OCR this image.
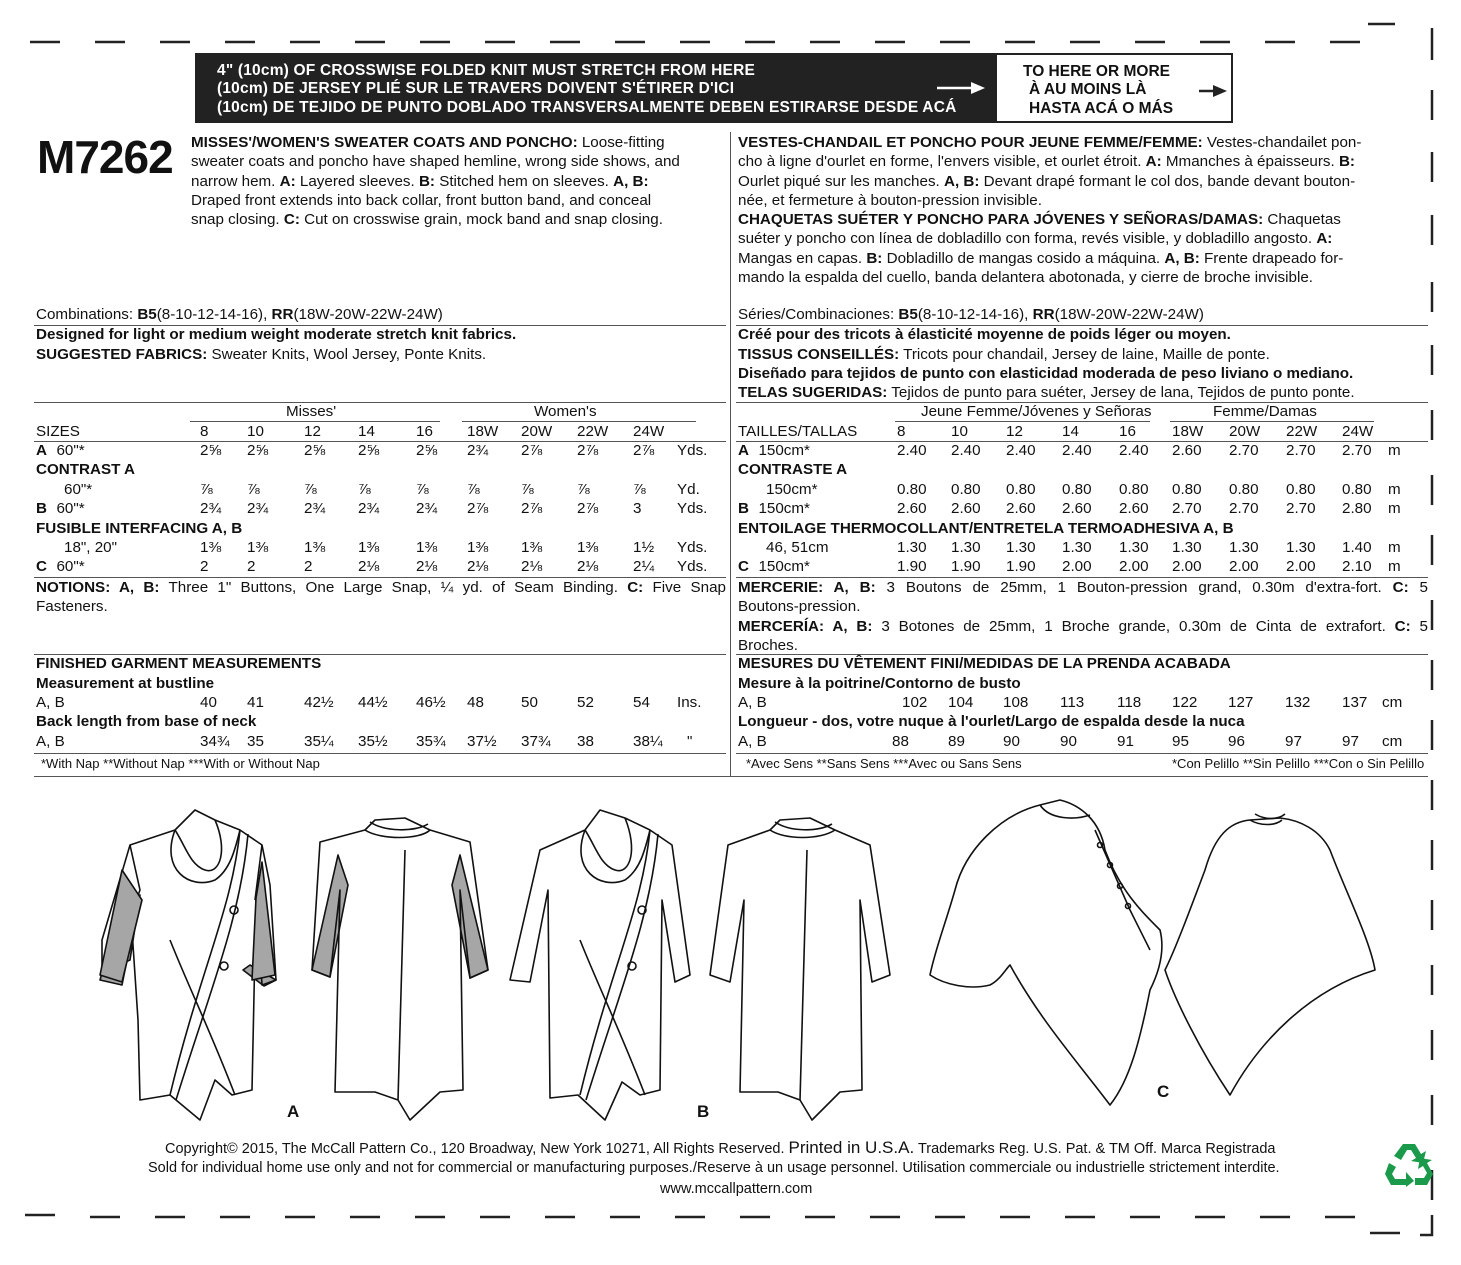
4" (10cm) OF CROSSWISE FOLDED KNIT MUST STRETCH FROM HERE
(10cm) DE JERSEY PLIÉ SUR LE TRAVERS DOIVENT S'ÉTIRER D'ICI
(10cm) DE TEJIDO DE PUNTO DOBLADO TRANSVERSALMENTE DEBEN ESTIRARSE DESDE ACÁ
TO HERE OR MORE
À AU MOINS LÀ
HASTA ACÁ O MÁS
M7262 MISSES'/WOMEN'S SWEATER COATS AND PONCHO: Loose-fitting
sweater coats and poncho have shaped hemline, wrong side shows, and
narrow hem. A: Layered sleeves. B: Stitched hem on sleeves. A, B:
Draped front extends into back collar, front button band, and conceal
snap closing. C: Cut on crosswise grain, mock band and snap closing.
VESTES-CHANDAIL ET PONCHO POUR JEUNE FEMME/FEMME: Vestes-chandailet pon-
cho à ligne d'ourlet en forme, l'envers visible, et ourlet étroit. A: Mmanches à épaisseurs. B:
Ourlet piqué sur les manches. A, B: Devant drapé formant le col dos, bande devant bouton-
née, et fermeture à bouton-pression invisible.
CHAQUETAS SUÉTER Y PONCHO PARA JÓVENES Y SEÑORAS/DAMAS: Chaquetas
suéter y poncho con línea de dobladillo con forma, revés visible, y dobladillo angosto. A:
Mangas en capas. B: Dobladillo de mangas cosido a máquina. A, B: Frente drapeado for-
mando la espalda del cuello, banda delantera abotonada, y cierre de broche invisible.
Combinations: B5(8-10-12-14-16), RR(18W-20W-22W-24W)
Designed for light or medium weight moderate stretch knit fabrics.
SUGGESTED FABRICS: Sweater Knits, Wool Jersey, Ponte Knits.
Séries/Combinaciones: B5(8-10-12-14-16), RR(18W-20W-22W-24W)
Créé pour des tricots à élasticité moyenne de poids léger ou moyen.
TISSUS CONSEILLÉS: Tricots pour chandail, Jersey de laine, Maille de ponte.
Diseñado para tejidos de punto con elasticidad moderada de peso liviano o mediano.
TELAS SUGERIDAS: Tejidos de punto para suéter, Jersey de lana, Tejidos de punto ponte.
Misses'	Women's
SIZES	8	10	12 14	16 18W 20W 22W 24W
A 60"*	2⅝ 2⅝ 2⅝ 2⅝ 2⅝ 2¾ 2⅞ 2⅞ 2⅞ Yds.
CONTRAST A
60"*	⅞ ⅞	⅞	⅞	⅞	⅞	⅞	⅞	⅞ Yd.
B 60"*	2¾ 2¾ 2¾ 2¾ 2¾ 2⅞ 2⅞ 2⅞ 3 Yds.
FUSIBLE INTERFACING A, B
18", 20"	1⅜ 1⅜ 1⅜ 1⅜ 1⅜ 1⅜ 1⅜ 1⅜ 1½ Yds.
C 60"*	2	2	2	2⅛ 2⅛ 2⅛ 2⅛ 2⅛ 2¼ Yds.
Jeune Femme/Jóvenes y Señoras	Femme/Damas
TAILLES/TALLAS	8	10	12	14	16 18W 20W 22W 24W
A 150cm*	2.40 2.40 2.40 2.40 2.40 2.60 2.70 2.70 2.70 m
CONTRASTE A
150cm*	0.80 0.80 0.80 0.80 0.80 0.80 0.80 0.80 0.80 m
B 150cm*	2.60 2.60 2.60 2.60 2.60 2.70 2.70 2.70 2.80 m
ENTOILAGE THERMOCOLLANT/ENTRETELA TERMOADHESIVA A, B
46, 51cm	1.30 1.30 1.30 1.30 1.30 1.30 1.30 1.30 1.40 m
C 150cm*	1.90 1.90 1.90 2.00 2.00 2.00 2.00 2.00 2.10 m
NOTIONS: A, B: Three 1" Buttons, One Large Snap, ¼ yd. of Seam Binding. C: Five Snap
Fasteners.
MERCERIE: A, B: 3 Boutons de 25mm, 1 Bouton-pression grand, 0.30m d'extra-fort. C: 5
Boutons-pression.
MERCERÍA: A, B: 3 Botones de 25mm, 1 Broche grande, 0.30m de Cinta de extrafort. C: 5
Broches.
FINISHED GARMENT MEASUREMENTS
Measurement at bustline
A, B	40 41	42½ 44½ 46½ 48 50	52	54 Ins.
Back length from base of neck
A, B	34¾ 35	35¼ 35½ 35¾ 37½ 37¾ 38	38¼ "
*With Nap **Without Nap ***With or Without Nap
MESURES DU VÊTEMENT FINI/MEDIDAS DE LA PRENDA ACABADA
Mesure à la poitrine/Contorno de busto
A, B	102 104 108 113 118 122 127 132 137 cm
Longueur - dos, votre nuque à l'ourlet/Largo de espalda desde la nuca
A, B	88	89	90	90	91	95	96	97	97 cm
*Avec Sens **Sans Sens ***Avec ou Sans Sens	*Con Pelillo **Sin Pelillo ***Con o Sin Pelillo
A	B
C
Copyright© 2015, The McCall Pattern Co., 120 Broadway, New York 10271, All Rights Reserved. Printed in U.S.A. Trademarks Reg. U.S. Pat. & TM Off. Marca Registrada
Sold for individual home use only and not for commercial or manufacturing purposes./Reserve à un usage personnel. Utilisation commerciale ou industrielle strictement interdite.
www.mccallpattern.com
